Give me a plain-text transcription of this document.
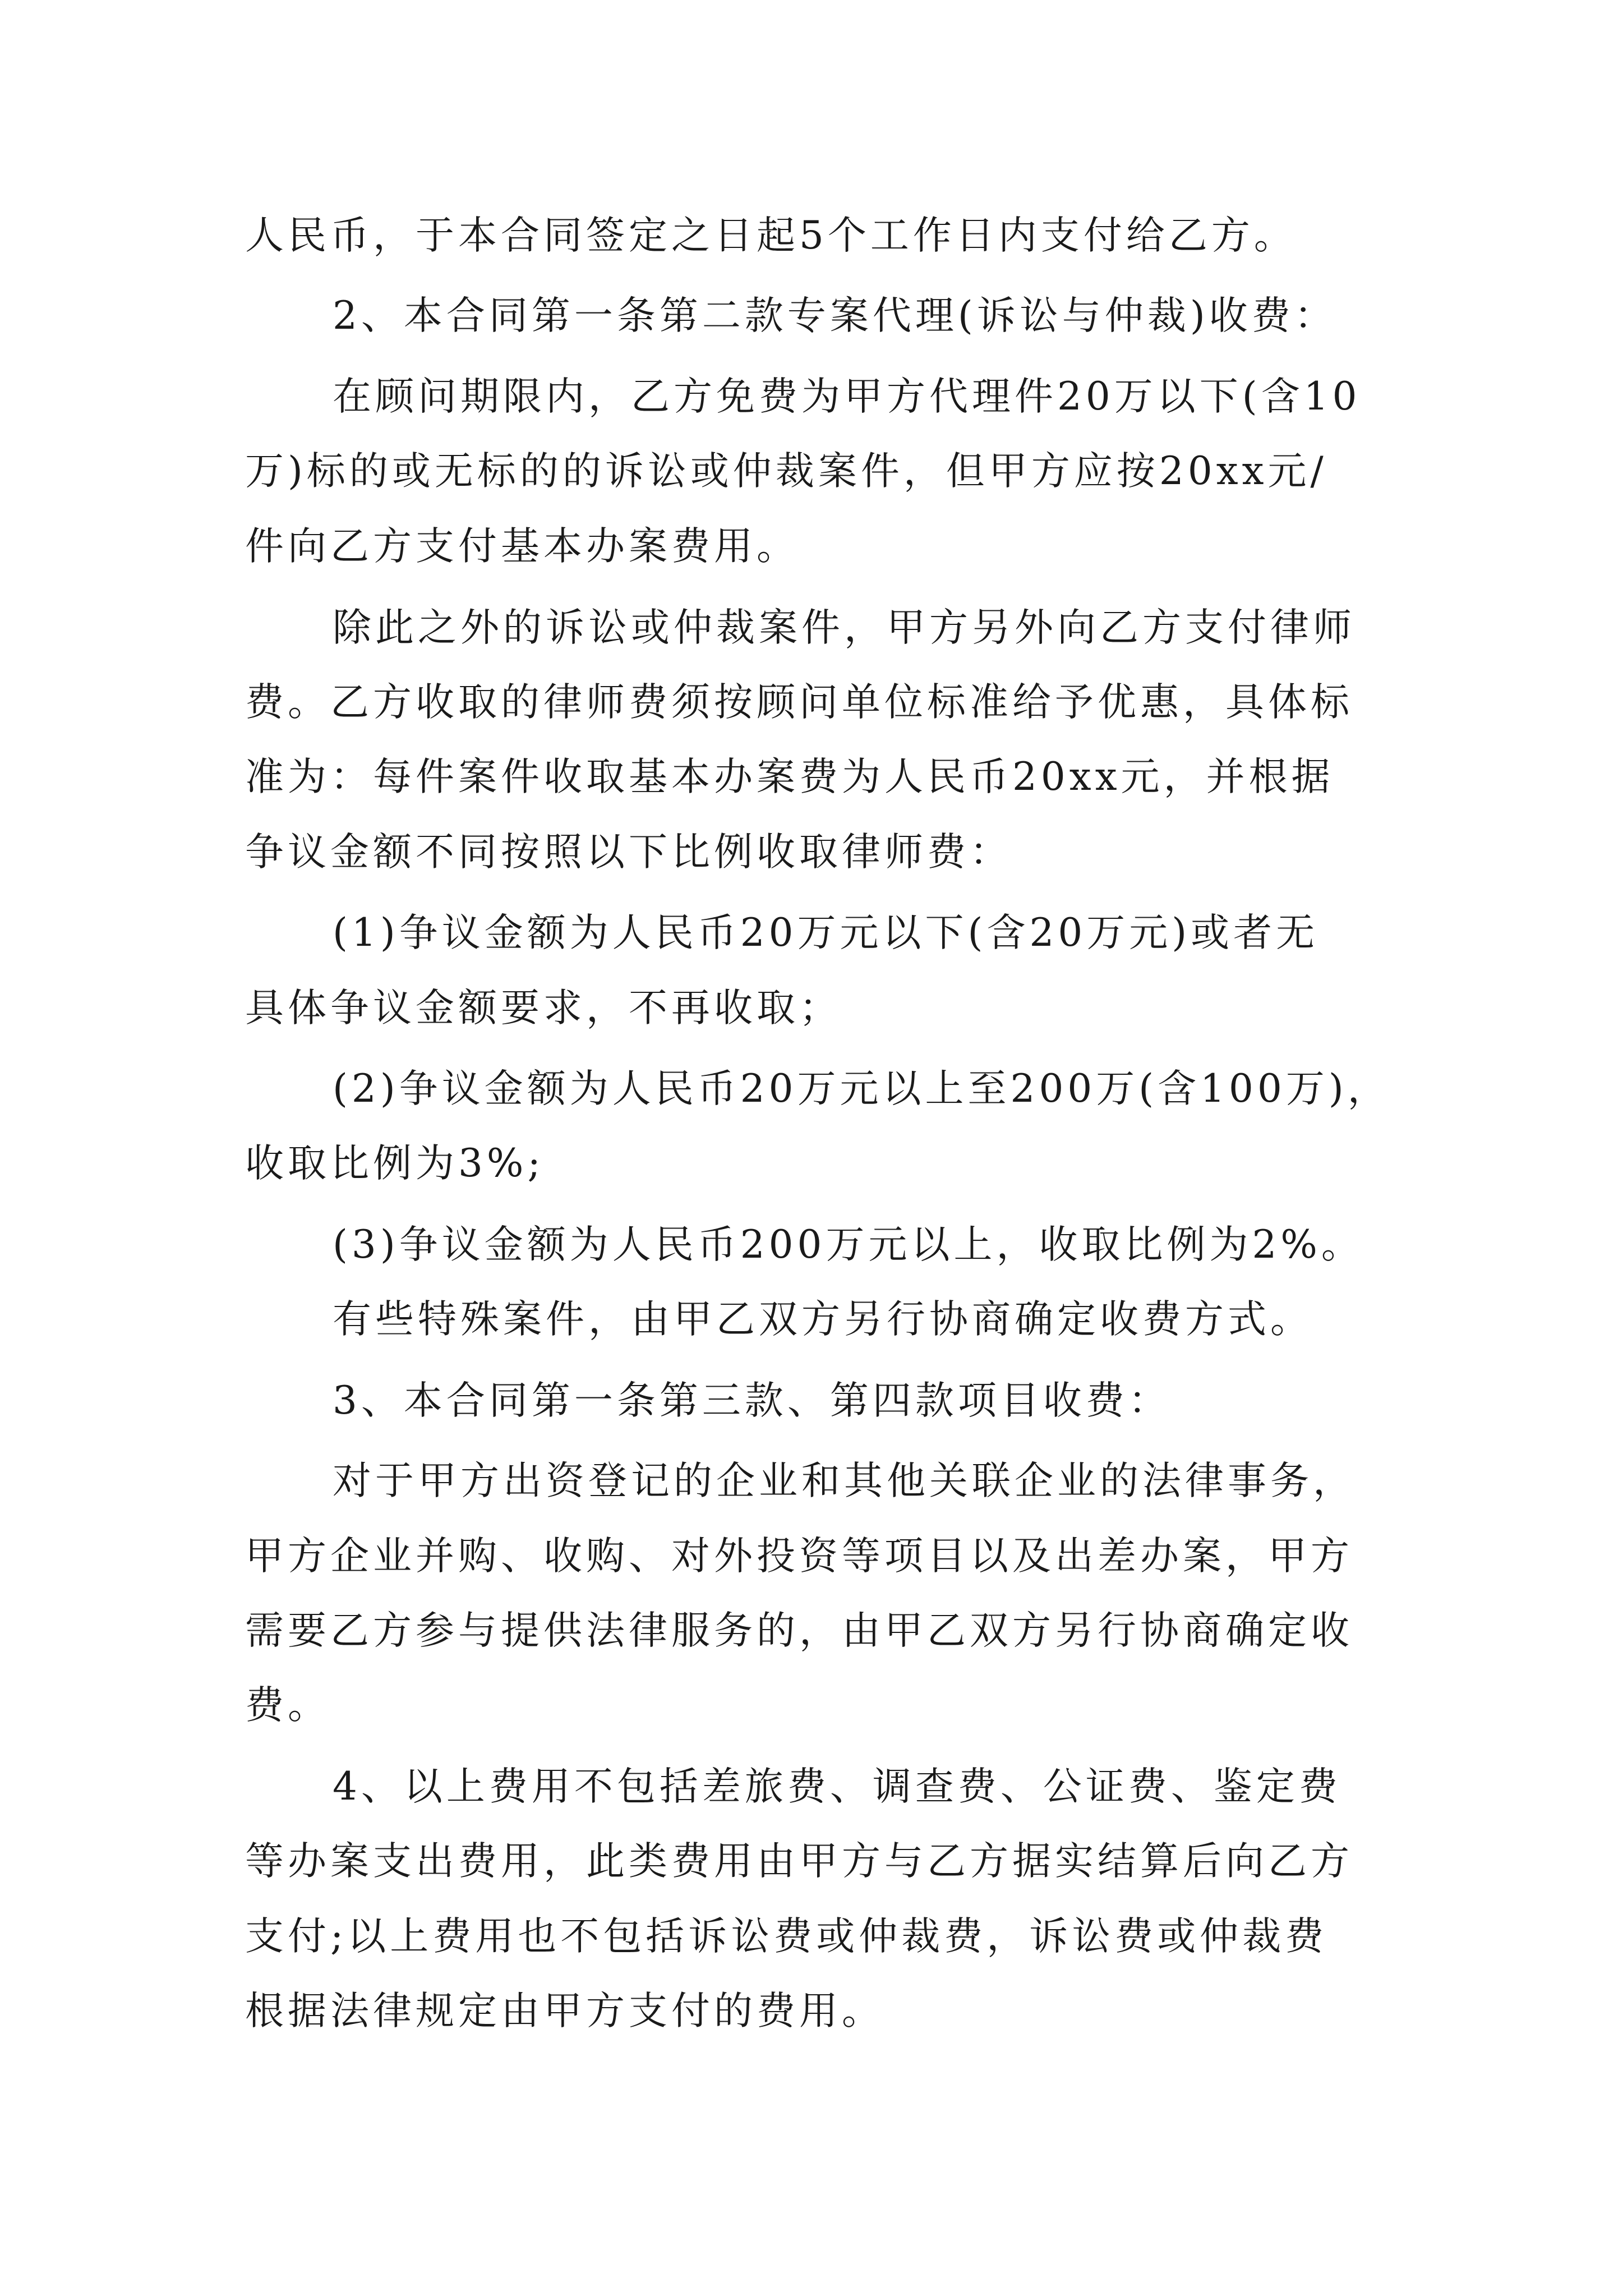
人民币，于本合同签定之日起5个工作日内支付给乙方。
2、本合同第一条第二款专案代理(诉讼与仲裁)收费：
在顾问期限内，乙方免费为甲方代理件20万以下(含10
万)标的或无标的的诉讼或仲裁案件，但甲方应按20xx元/
件向乙方支付基本办案费用。
除此之外的诉讼或仲裁案件，甲方另外向乙方支付律师
费。乙方收取的律师费须按顾问单位标准给予优惠，具体标
准为：每件案件收取基本办案费为人民币20xx元，并根据
争议金额不同按照以下比例收取律师费：
(1)争议金额为人民币20万元以下(含20万元)或者无
具体争议金额要求，不再收取；
(2)争议金额为人民币20万元以上至200万(含100万)，
收取比例为3%;
(3)争议金额为人民币200万元以上，收取比例为2%。
有些特殊案件，由甲乙双方另行协商确定收费方式。
3、本合同第一条第三款、第四款项目收费：
对于甲方出资登记的企业和其他关联企业的法律事务，
甲方企业并购、收购、对外投资等项目以及出差办案，甲方
需要乙方参与提供法律服务的，由甲乙双方另行协商确定收
费。
4、以上费用不包括差旅费、调查费、公证费、鉴定费
等办案支出费用，此类费用由甲方与乙方据实结算后向乙方
支付;以上费用也不包括诉讼费或仲裁费，诉讼费或仲裁费
根据法律规定由甲方支付的费用。
